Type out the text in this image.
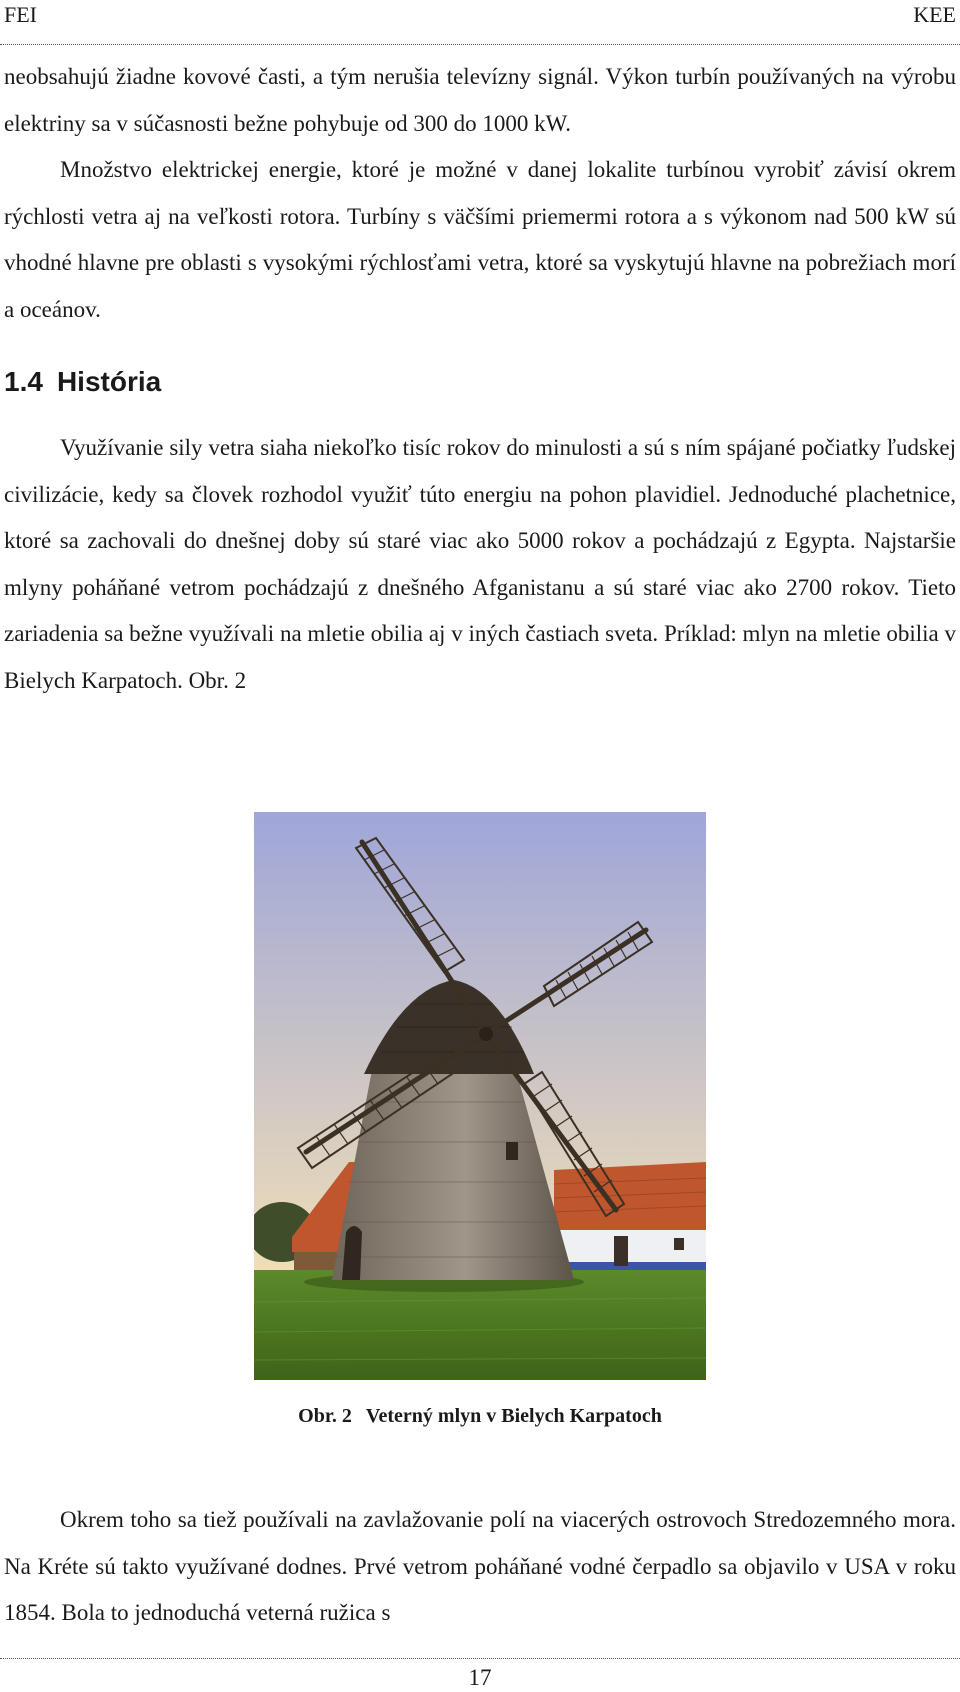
FEI	KEE

neobsahujú žiadne kovové časti, a tým nerušia televízny signál. Výkon turbín používaných na výrobu elektriny sa v súčasnosti bežne pohybuje od 300 do 1000 kW.

Množstvo elektrickej energie, ktoré je možné v danej lokalite turbínou vyrobiť závisí okrem rýchlosti vetra aj na veľkosti rotora. Turbíny s väčšími priemermi rotora a s výkonom nad 500 kW sú vhodné hlavne pre oblasti s vysokými rýchlosťami vetra, ktoré sa vyskytujú hlavne na pobrežiach morí a oceánov.

1.4 História

Využívanie sily vetra siaha niekoľko tisíc rokov do minulosti a sú s ním spájané počiatky ľudskej civilizácie, kedy sa človek rozhodol využiť túto energiu na pohon plavidiel. Jednoduché plachetnice, ktoré sa zachovali do dnešnej doby sú staré viac ako 5000 rokov a pochádzajú z Egypta. Najstaršie mlyny poháňané vetrom pochádzajú z dnešného Afganistanu a sú staré viac ako 2700 rokov. Tieto zariadenia sa bežne využívali na mletie obilia aj v iných častiach sveta. Príklad: mlyn na mletie obilia v Bielych Karpatoch. Obr. 2

Obr. 2 Veterný mlyn v Bielych Karpatoch

Okrem toho sa tiež používali na zavlažovanie polí na viacerých ostrovoch Stredozemného mora. Na Kréte sú takto využívané dodnes. Prvé vetrom poháňané vodné čerpadlo sa objavilo v USA v roku 1854. Bola to jednoduchá veterná ružica s

17
